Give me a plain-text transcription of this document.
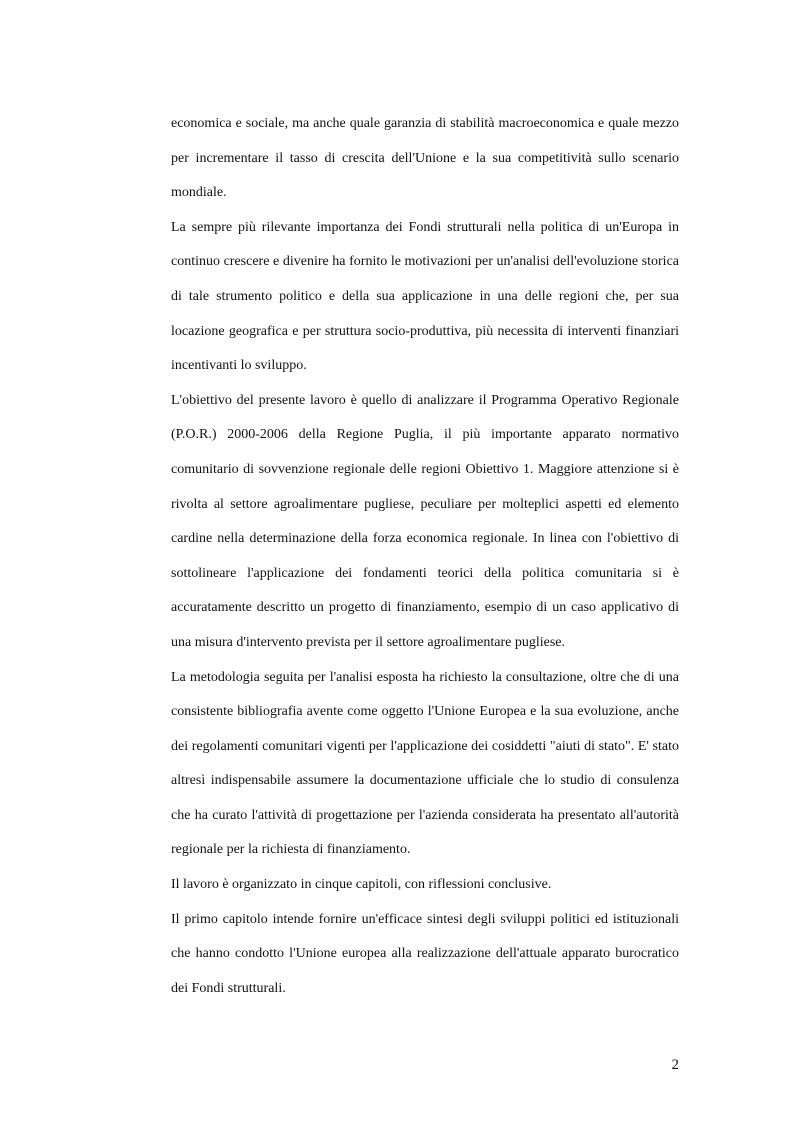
economica e sociale, ma anche quale garanzia di stabilità macroeconomica e quale mezzo per incrementare il tasso di crescita dell'Unione e la sua competitività sullo scenario mondiale.

La sempre più rilevante importanza dei Fondi strutturali nella politica di un'Europa in continuo crescere e divenire ha fornito le motivazioni per un'analisi dell'evoluzione storica di tale strumento politico e della sua applicazione in una delle regioni che, per sua locazione geografica e per struttura socio-produttiva, più necessita di interventi finanziari incentivanti lo sviluppo.

L'obiettivo del presente lavoro è quello di analizzare il Programma Operativo Regionale (P.O.R.) 2000-2006 della Regione Puglia, il più importante apparato normativo comunitario di sovvenzione regionale delle regioni Obiettivo 1. Maggiore attenzione si è rivolta al settore agroalimentare pugliese, peculiare per molteplici aspetti ed elemento cardine nella determinazione della forza economica regionale. In linea con l'obiettivo di sottolineare l'applicazione dei fondamenti teorici della politica comunitaria si è accuratamente descritto un progetto di finanziamento, esempio di un caso applicativo di una misura d'intervento prevista per il settore agroalimentare pugliese.

La metodologia seguita per l'analisi esposta ha richiesto la consultazione, oltre che di una consistente bibliografia avente come oggetto l'Unione Europea e la sua evoluzione, anche dei regolamenti comunitari vigenti per l'applicazione dei cosiddetti "aiuti di stato". E' stato altresì indispensabile assumere la documentazione ufficiale che lo studio di consulenza che ha curato l'attività di progettazione per l'azienda considerata ha presentato all'autorità regionale per la richiesta di finanziamento.

Il lavoro è organizzato in cinque capitoli, con riflessioni conclusive.

Il primo capitolo intende fornire un'efficace sintesi degli sviluppi politici ed istituzionali che hanno condotto l'Unione europea alla realizzazione dell'attuale apparato burocratico dei Fondi strutturali.

2
